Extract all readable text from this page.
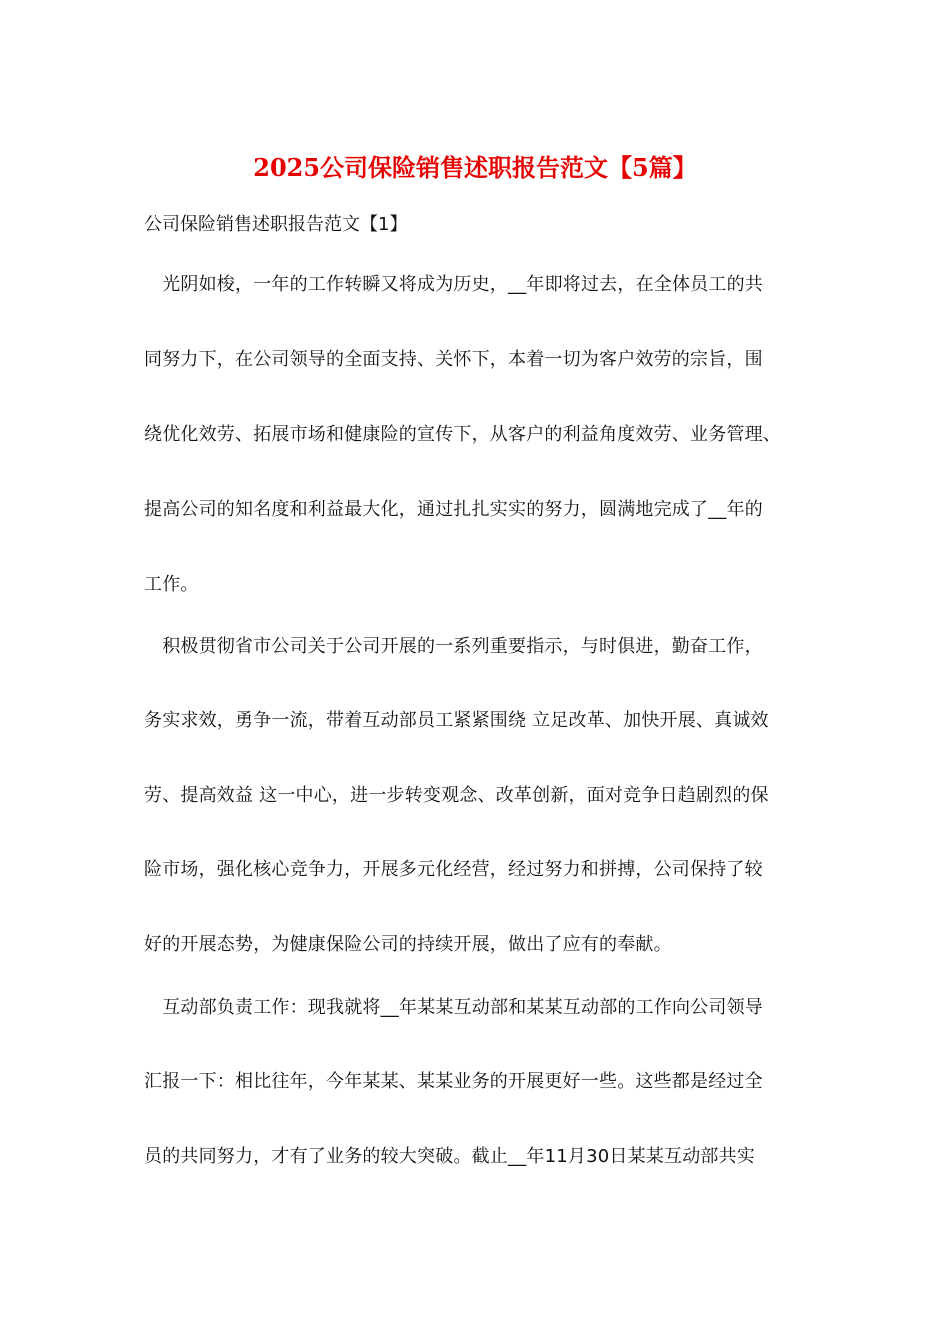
2025公司保险销售述职报告范文【5篇】
公司保险销售述职报告范文【1】
　光阴如梭，一年的工作转瞬又将成为历史，__年即将过去，在全体员工的共
同努力下，在公司领导的全面支持、关怀下，本着一切为客户效劳的宗旨，围
绕优化效劳、拓展市场和健康险的宣传下，从客户的利益角度效劳、业务管理、
提高公司的知名度和利益最大化，通过扎扎实实的努力，圆满地完成了__年的
工作。
　积极贯彻省市公司关于公司开展的一系列重要指示，与时俱进，勤奋工作，
务实求效，勇争一流，带着互动部员工紧紧围绕 立足改革、加快开展、真诚效
劳、提高效益 这一中心，进一步转变观念、改革创新，面对竞争日趋剧烈的保
险市场，强化核心竞争力，开展多元化经营，经过努力和拼搏，公司保持了较
好的开展态势，为健康保险公司的持续开展，做出了应有的奉献。
　互动部负责工作：现我就将__年某某互动部和某某互动部的工作向公司领导
汇报一下：相比往年，今年某某、某某业务的开展更好一些。这些都是经过全
员的共同努力，才有了业务的较大突破。截止__年11月30日某某互动部共实
